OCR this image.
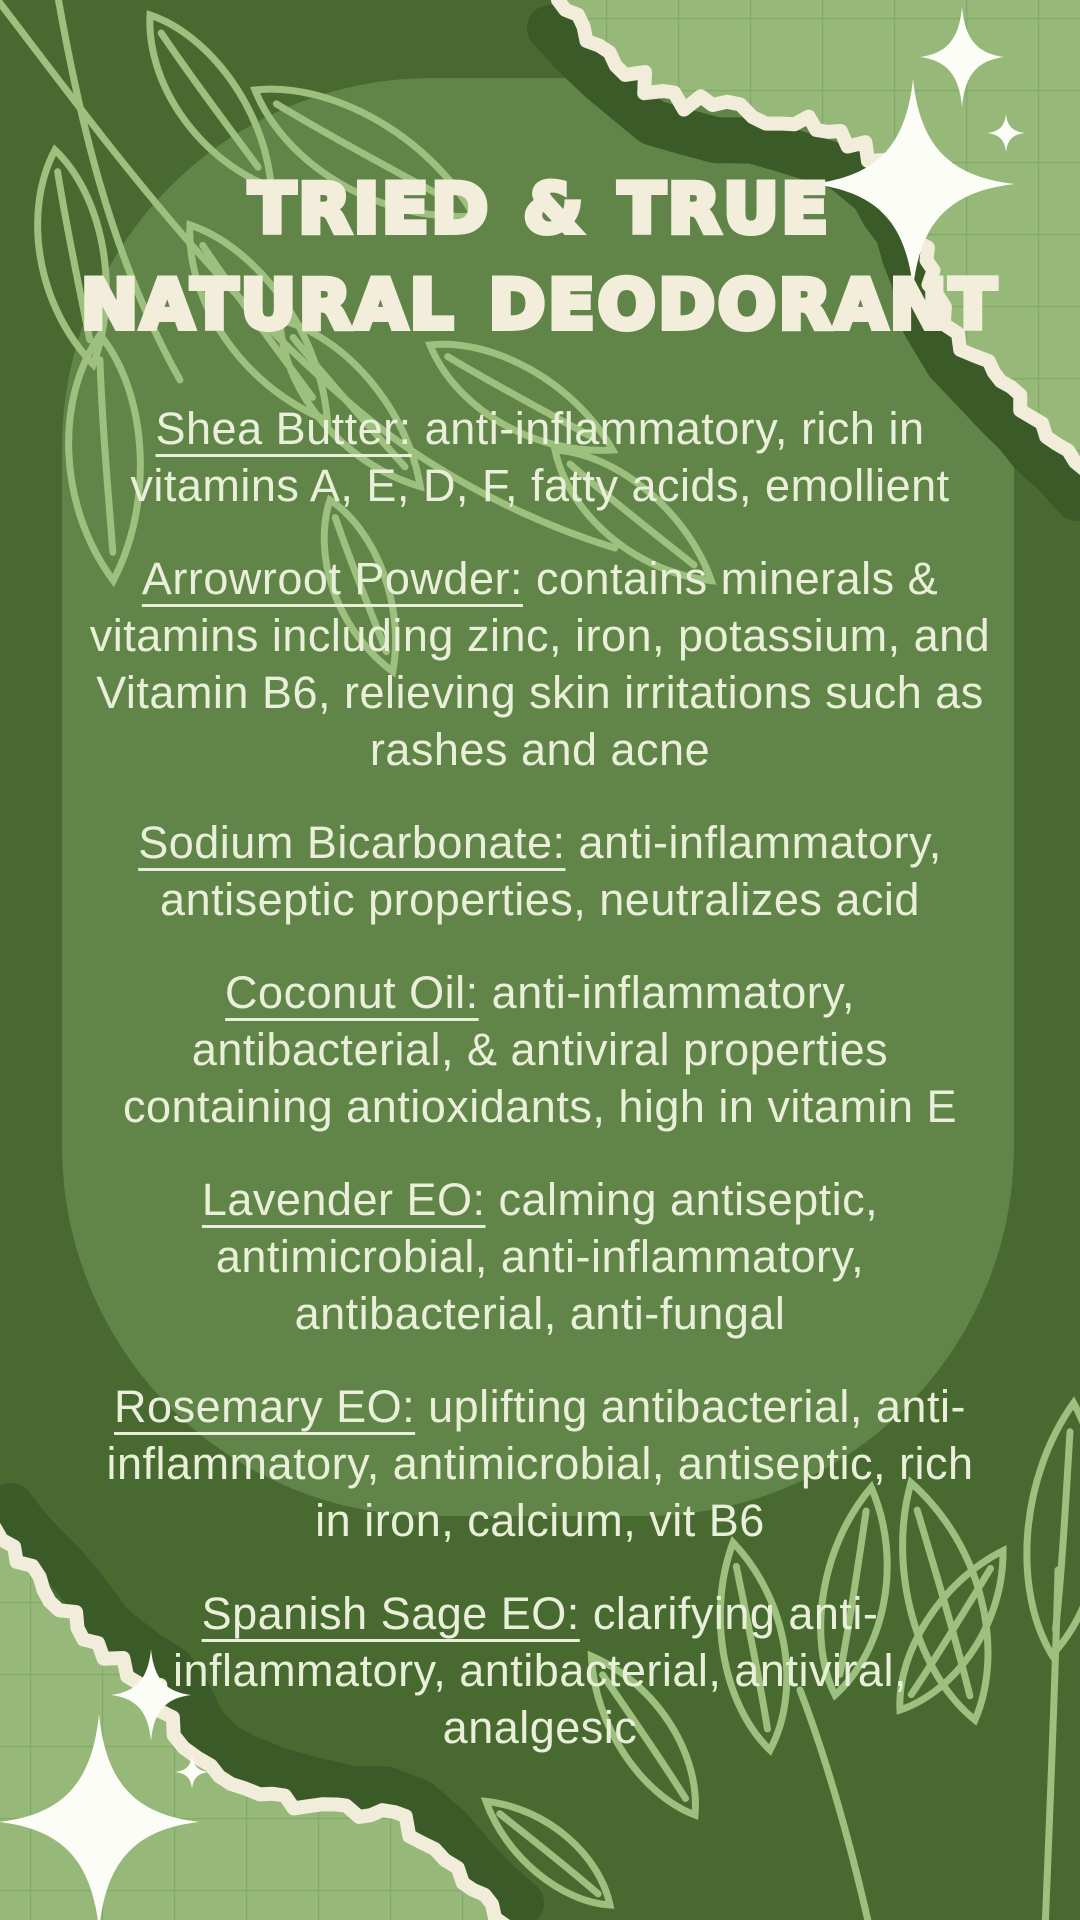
TRIED & TRUE
NATURAL DEODORANT

Shea Butter: anti-inflammatory, rich in vitamins A, E, D, F, fatty acids, emollient

Arrowroot Powder: contains minerals & vitamins including zinc, iron, potassium, and Vitamin B6, relieving skin irritations such as rashes and acne

Sodium Bicarbonate: anti-inflammatory, antiseptic properties, neutralizes acid

Coconut Oil: anti-inflammatory, antibacterial, & antiviral properties containing antioxidants, high in vitamin E

Lavender EO: calming antiseptic, antimicrobial, anti-inflammatory, antibacterial, anti-fungal

Rosemary EO: uplifting antibacterial, anti-inflammatory, antimicrobial, antiseptic, rich in iron, calcium, vit B6

Spanish Sage EO: clarifying anti-inflammatory, antibacterial, antiviral, analgesic
